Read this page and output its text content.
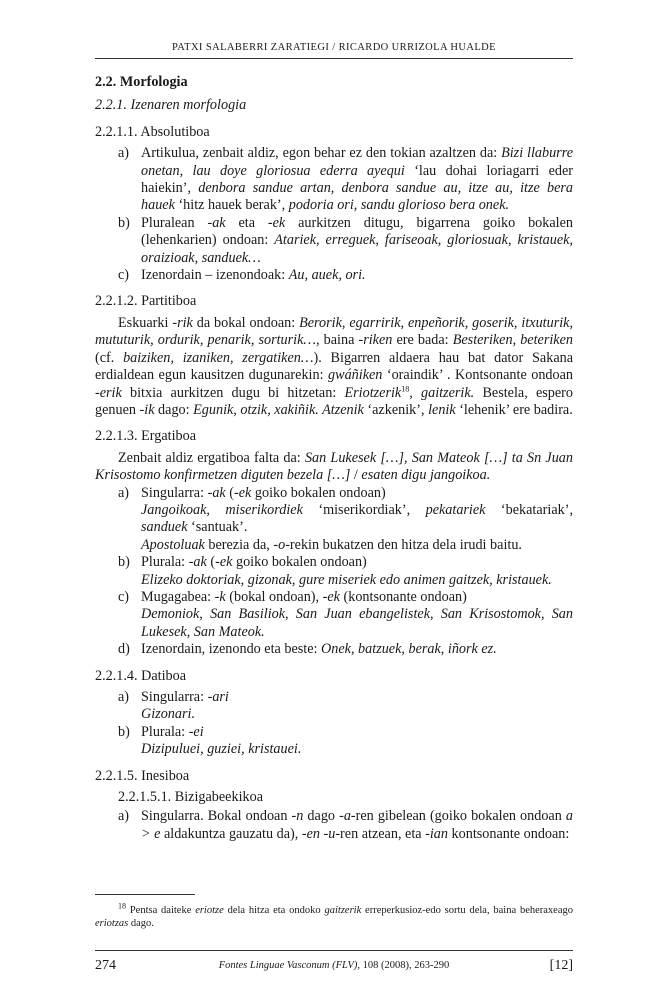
PATXI SALABERRI ZARATIEGI / RICARDO URRIZOLA HUALDE

2.2. Morfologia

2.2.1. Izenaren morfologia

2.2.1.1. Absolutiboa

a) Artikulua, zenbait aldiz, egon behar ez den tokian azaltzen da: Bizi llaburre onetan, lau doye gloriosua ederra ayequi ‘lau dohai loriagarri eder haiekin’, denbora sandue artan, denbora sandue au, itze au, itze bera hauek ‘hitz hauek berak’, podoria ori, sandu glorioso bera onek.
b) Pluralean -ak eta -ek aurkitzen ditugu, bigarrena goiko bokalen (lehenkarien) ondoan: Atariek, erreguek, fariseoak, gloriosuak, kristauek, oraizioak, sanduek…
c) Izenordain – izenondoak: Au, auek, ori.

2.2.1.2. Partitiboa

Eskuarki -rik da bokal ondoan: Berorik, egarririk, enpeñorik, goserik, itxuturik, mututurik, ordurik, penarik, sorturik…, baina -riken ere bada: Besteriken, beteriken (cf. baiziken, izaniken, zergatiken…). Bigarren aldaera hau bat dator Sakana erdialdean egun kausitzen dugunarekin: gwáñiken ‘oraindik’ . Kontsonante ondoan -erik bitxia aurkitzen dugu bi hitzetan: Eriotzerik$^{18}$, gaitzerik. Bestela, espero genuen -ik dago: Egunik, otzik, xakiñik. Atzenik ‘azkenik’, lenik ‘lehenik’ ere badira.

2.2.1.3. Ergatiboa

Zenbait aldiz ergatiboa falta da: San Lukesek […], San Mateok […] ta Sn Juan Krisostomo konfirmetzen diguten bezela […] / esaten digu jangoikoa.

a) Singularra: -ak (-ek goiko bokalen ondoan)
Jangoikoak, miserikordiek ‘miserikordiak’, pekatariek ‘bekatariak’, sanduek ‘santuak’.
Apostoluak berezia da, -o-rekin bukatzen den hitza dela irudi baitu.
b) Plurala: -ak (-ek goiko bokalen ondoan)
Elizeko doktoriak, gizonak, gure miseriek edo animen gaitzek, kristauek.
c) Mugagabea: -k (bokal ondoan), -ek (kontsonante ondoan)
Demoniok, San Basiliok, San Juan ebangelistek, San Krisostomok, San Lukesek, San Mateok.
d) Izenordain, izenondo eta beste: Onek, batzuek, berak, iñork ez.

2.2.1.4. Datiboa

a) Singularra: -ari
Gizonari.
b) Plurala: -ei
Dizipuluei, guziei, kristauei.

2.2.1.5. Inesiboa

2.2.1.5.1. Bizigabeekikoa

a) Singularra. Bokal ondoan -n dago -a-ren gibelean (goiko bokalen ondoan a > e aldakuntza gauzatu da), -en -u-ren atzean, eta -ian kontsonante ondoan:

$^{18}$ Pentsa daiteke eriotze dela hitza eta ondoko gaitzerik erreperkusioz-edo sortu dela, baina beheraxeago eriotzas dago.

274	Fontes Linguae Vasconum (FLV), 108 (2008), 263-290	[12]
